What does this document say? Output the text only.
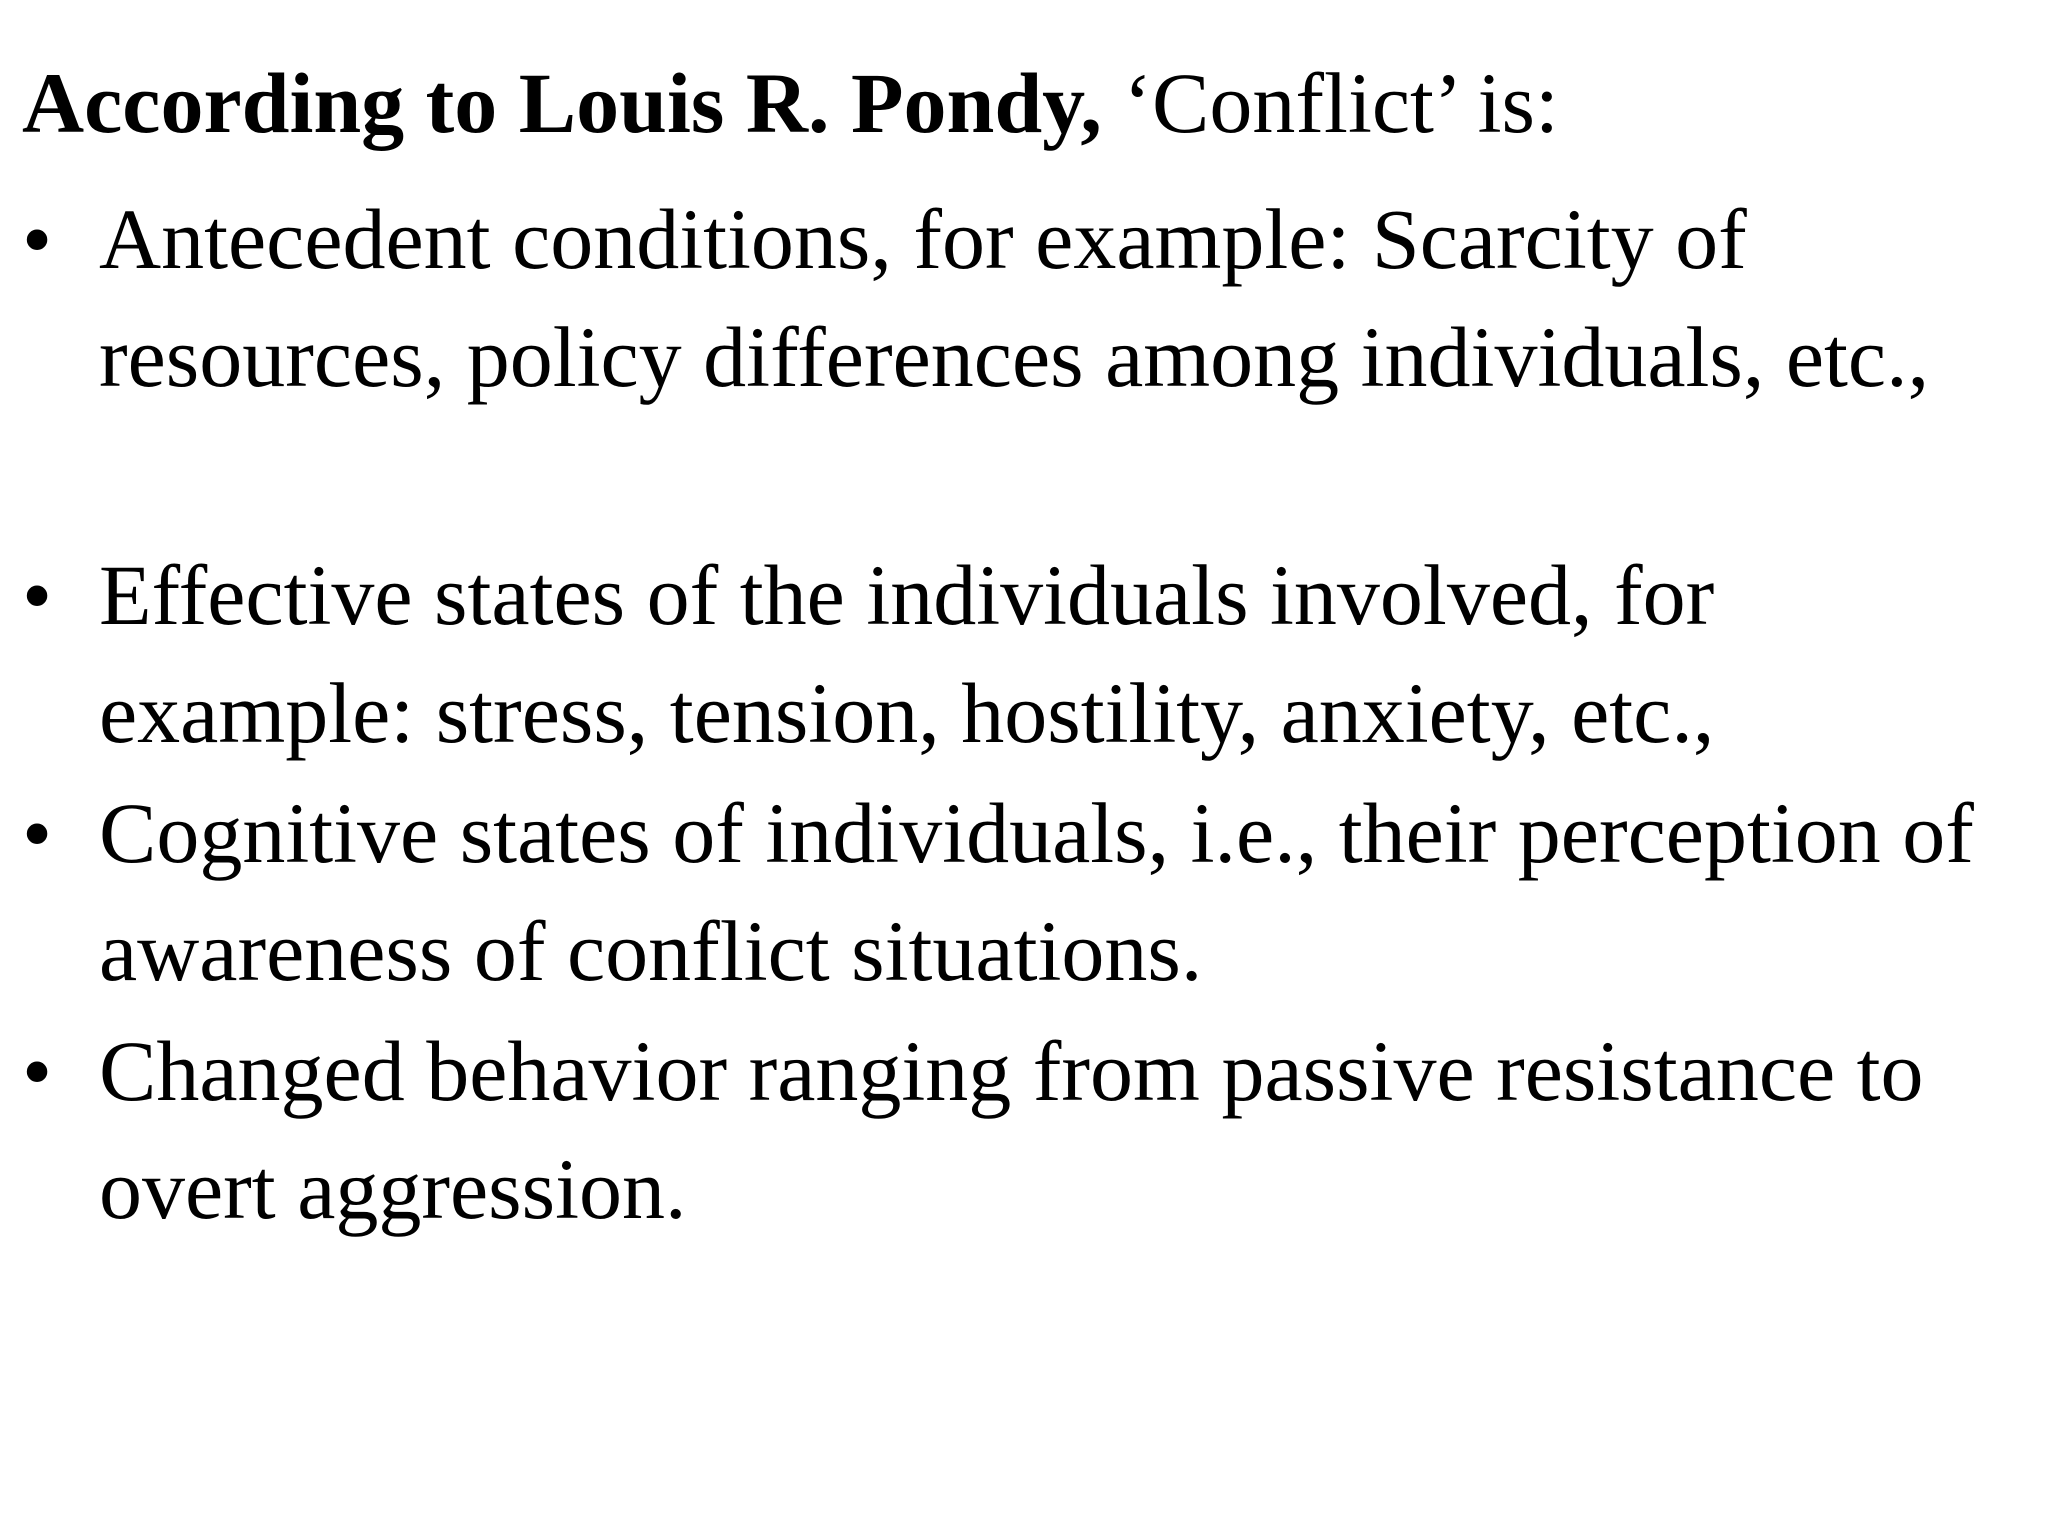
According to Louis R. Pondy, ‘Conflict’ is:
• Antecedent conditions, for example: Scarcity of resources, policy differences among individuals, etc.,
• Effective states of the individuals involved, for example: stress, tension, hostility, anxiety, etc.,
• Cognitive states of individuals, i.e., their perception of awareness of conflict situations.
• Changed behavior ranging from passive resistance to overt aggression.
